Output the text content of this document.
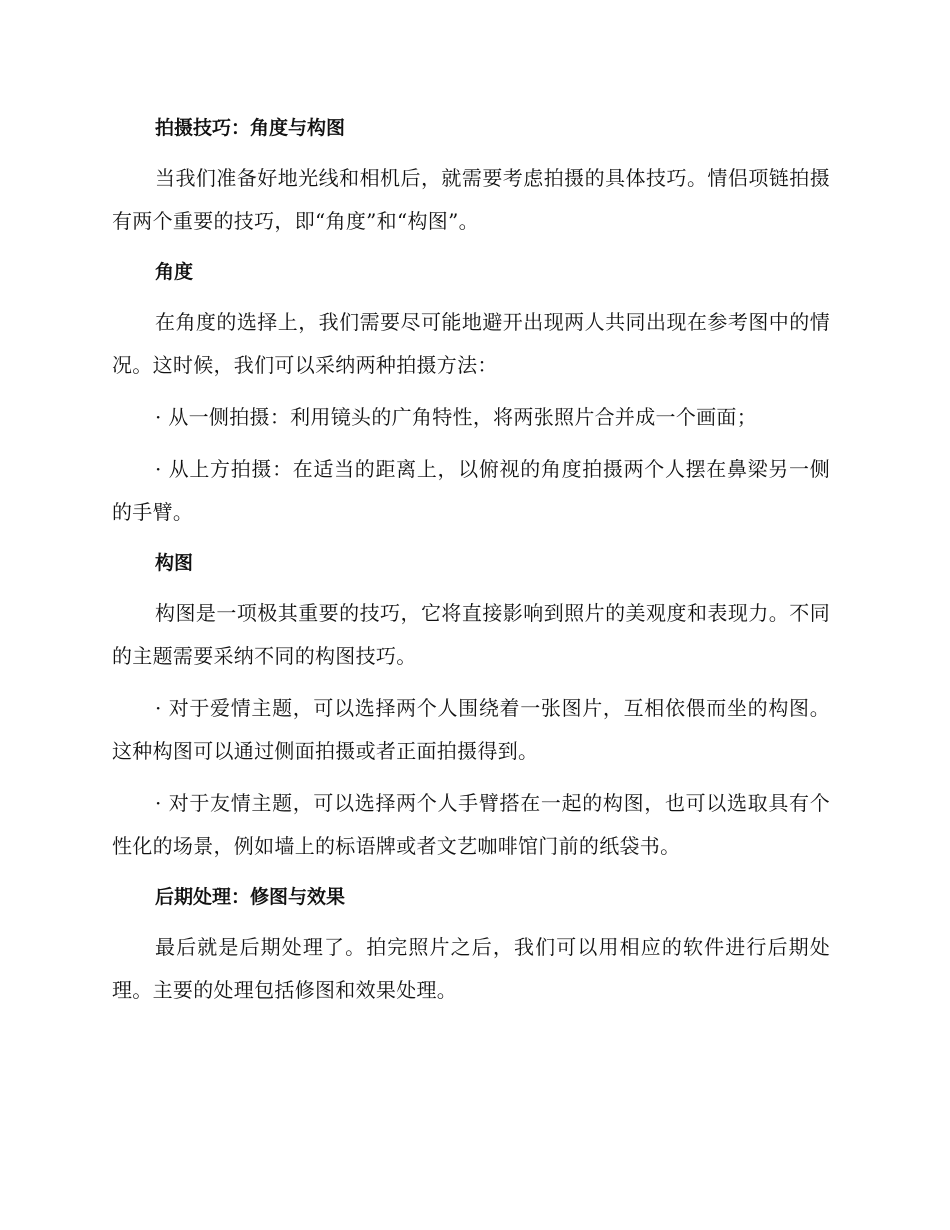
拍摄技巧：角度与构图
当我们准备好地光线和相机后，就需要考虑拍摄的具体技巧。情侣项链拍摄有两个重要的技巧，即“角度”和“构图”。
角度
在角度的选择上，我们需要尽可能地避开出现两人共同出现在参考图中的情况。这时候，我们可以采纳两种拍摄方法：
· 从一侧拍摄：利用镜头的广角特性，将两张照片合并成一个画面；
· 从上方拍摄：在适当的距离上，以俯视的角度拍摄两个人摆在鼻梁另一侧的手臂。
构图
构图是一项极其重要的技巧，它将直接影响到照片的美观度和表现力。不同的主题需要采纳不同的构图技巧。
· 对于爱情主题，可以选择两个人围绕着一张图片，互相依偎而坐的构图。这种构图可以通过侧面拍摄或者正面拍摄得到。
· 对于友情主题，可以选择两个人手臂搭在一起的构图，也可以选取具有个性化的场景，例如墙上的标语牌或者文艺咖啡馆门前的纸袋书。
后期处理：修图与效果
最后就是后期处理了。拍完照片之后，我们可以用相应的软件进行后期处理。主要的处理包括修图和效果处理。
